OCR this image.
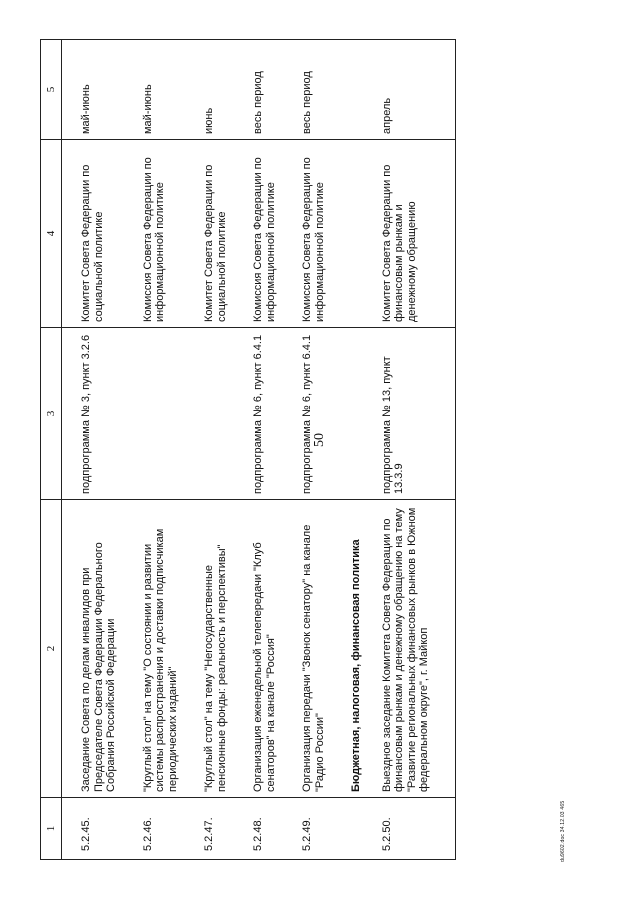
50
1	2	3	4	5
5.2.45.	Заседание Совета по делам инвалидов при Председателе Совета Федерации Федерального Собрания Российской Федерации	подпрограмма № 3, пункт 3.2.6	Комитет Совета Федерации по социальной политике	май-июнь
5.2.46.	"Круглый стол" на тему "О состоянии и развитии системы распространения и доставки подписчикам периодических изданий"		Комиссия Совета Федерации по информационной политике	май-июнь
5.2.47.	"Круглый стол" на тему "Негосударственные пенсионные фонды: реальность и перспективы"		Комитет Совета Федерации по социальной политике	июнь
5.2.48.	Организация еженедельной телепередачи "Клуб сенаторов" на канале "Россия"	подпрограмма № 6, пункт 6.4.1	Комиссия Совета Федерации по информационной политике	весь период
5.2.49.	Организация передачи "Звонок сенатору" на канале "Радио России"	подпрограмма № 6, пункт 6.4.1	Комиссия Совета Федерации по информационной политике	весь период
	Бюджетная, налоговая, финансовая политика			
5.2.50.	Выездное заседание Комитета Совета Федерации по финансовым рынкам и денежному обращению на тему "Развитие региональных финансовых рынков в Южном федеральном округе", г. Майкоп	подпрограмма № 13, пункт 13.3.9	Комитет Совета Федерации по финансовым рынкам и денежному обращению	апрель
du9602.doc 34.12.03 465
